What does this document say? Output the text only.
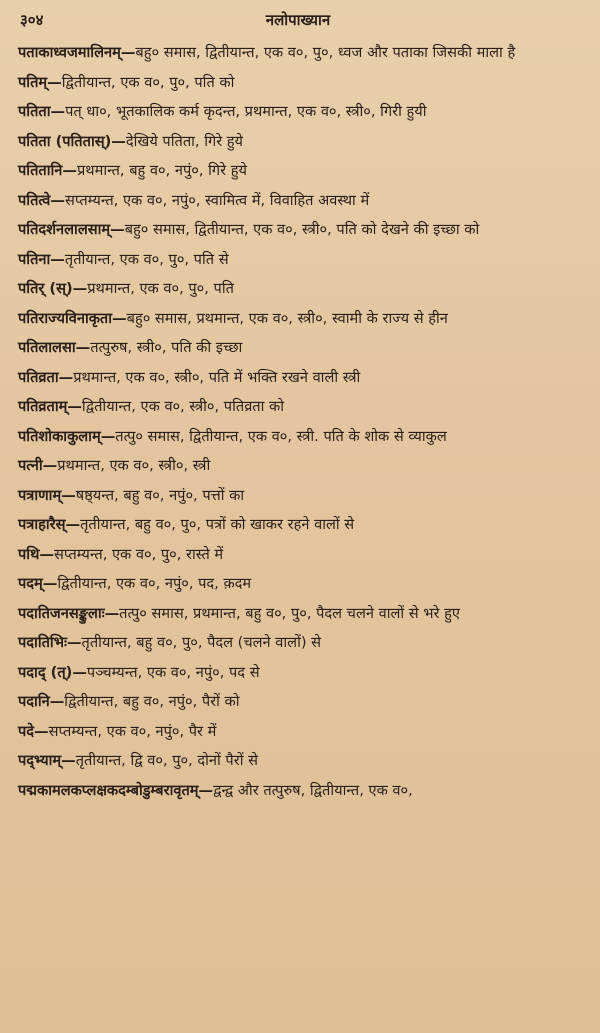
३०४	नलोपाख्यान

पताकाध्वजमालिनम्—बहु० समास, द्वितीयान्त, एक व०, पु०, ध्वज और पताका जिसकी माला है

पतिम्—द्वितीयान्त, एक व०, पु०, पति को

पतिता—पत् धा०, भूतकालिक कर्म कृदन्त, प्रथमान्त, एक व०, स्त्री०, गिरी हुयी

पतिता (पतितास्)—देखिये पतिता, गिरे हुये

पतितानि—प्रथमान्त, बहु व०, नपुं०, गिरे हुये

पतित्वे—सप्तम्यन्त, एक व०, नपुं०, स्वामित्व में, विवाहित अवस्था में

पतिदर्शनलालसाम्—बहु० समास, द्वितीयान्त, एक व०, स्त्री०, पति को देखने की इच्छा को

पतिना—तृतीयान्त, एक व०, पु०, पति से

पतिर् (स्)—प्रथमान्त, एक व०, पु०, पति

पतिराज्यविनाकृता—बहु० समास, प्रथमान्त, एक व०, स्त्री०, स्वामी के राज्य से हीन

पतिलालसा—तत्पुरुष, स्त्री०, पति की इच्छा

पतिव्रता—प्रथमान्त, एक व०, स्त्री०, पति में भक्ति रखने वाली स्त्री

पतिव्रताम्—द्वितीयान्त, एक व०, स्त्री०, पतिव्रता को

पतिशोकाकुलाम्—तत्पु० समास, द्वितीयान्त, एक व०, स्त्री. पति के शोक से व्याकुल

पत्नी—प्रथमान्त, एक व०, स्त्री०, स्त्री

पत्राणाम्—षष्ठ्यन्त, बहु व०, नपुं०, पत्तों का

पत्राहारैस्—तृतीयान्त, बहु व०, पु०, पत्रों को खाकर रहने वालों से

पथि—सप्तम्यन्त, एक व०, पु०, रास्ते में

पदम्—द्वितीयान्त, एक व०, नपुं०, पद, क़दम

पदातिजनसङ्कुलाः—तत्पु० समास, प्रथमान्त, बहु व०, पु०, पैदल चलने वालों से भरे हुए

पदातिभिः—तृतीयान्त, बहु व०, पु०, पैदल (चलने वालों) से

पदाद् (त्)—पञ्चम्यन्त, एक व०, नपुं०, पद से

पदानि—द्वितीयान्त, बहु व०, नपुं०, पैरों को

पदे—सप्तम्यन्त, एक व०, नपुं०, पैर में

पद्भ्याम्—तृतीयान्त, द्वि व०, पु०, दोनों पैरों से

पद्मकामलकप्लक्षकदम्बोडुम्बरावृतम्—द्वन्द्व और तत्पुरुष, द्वितीयान्त, एक व०,
